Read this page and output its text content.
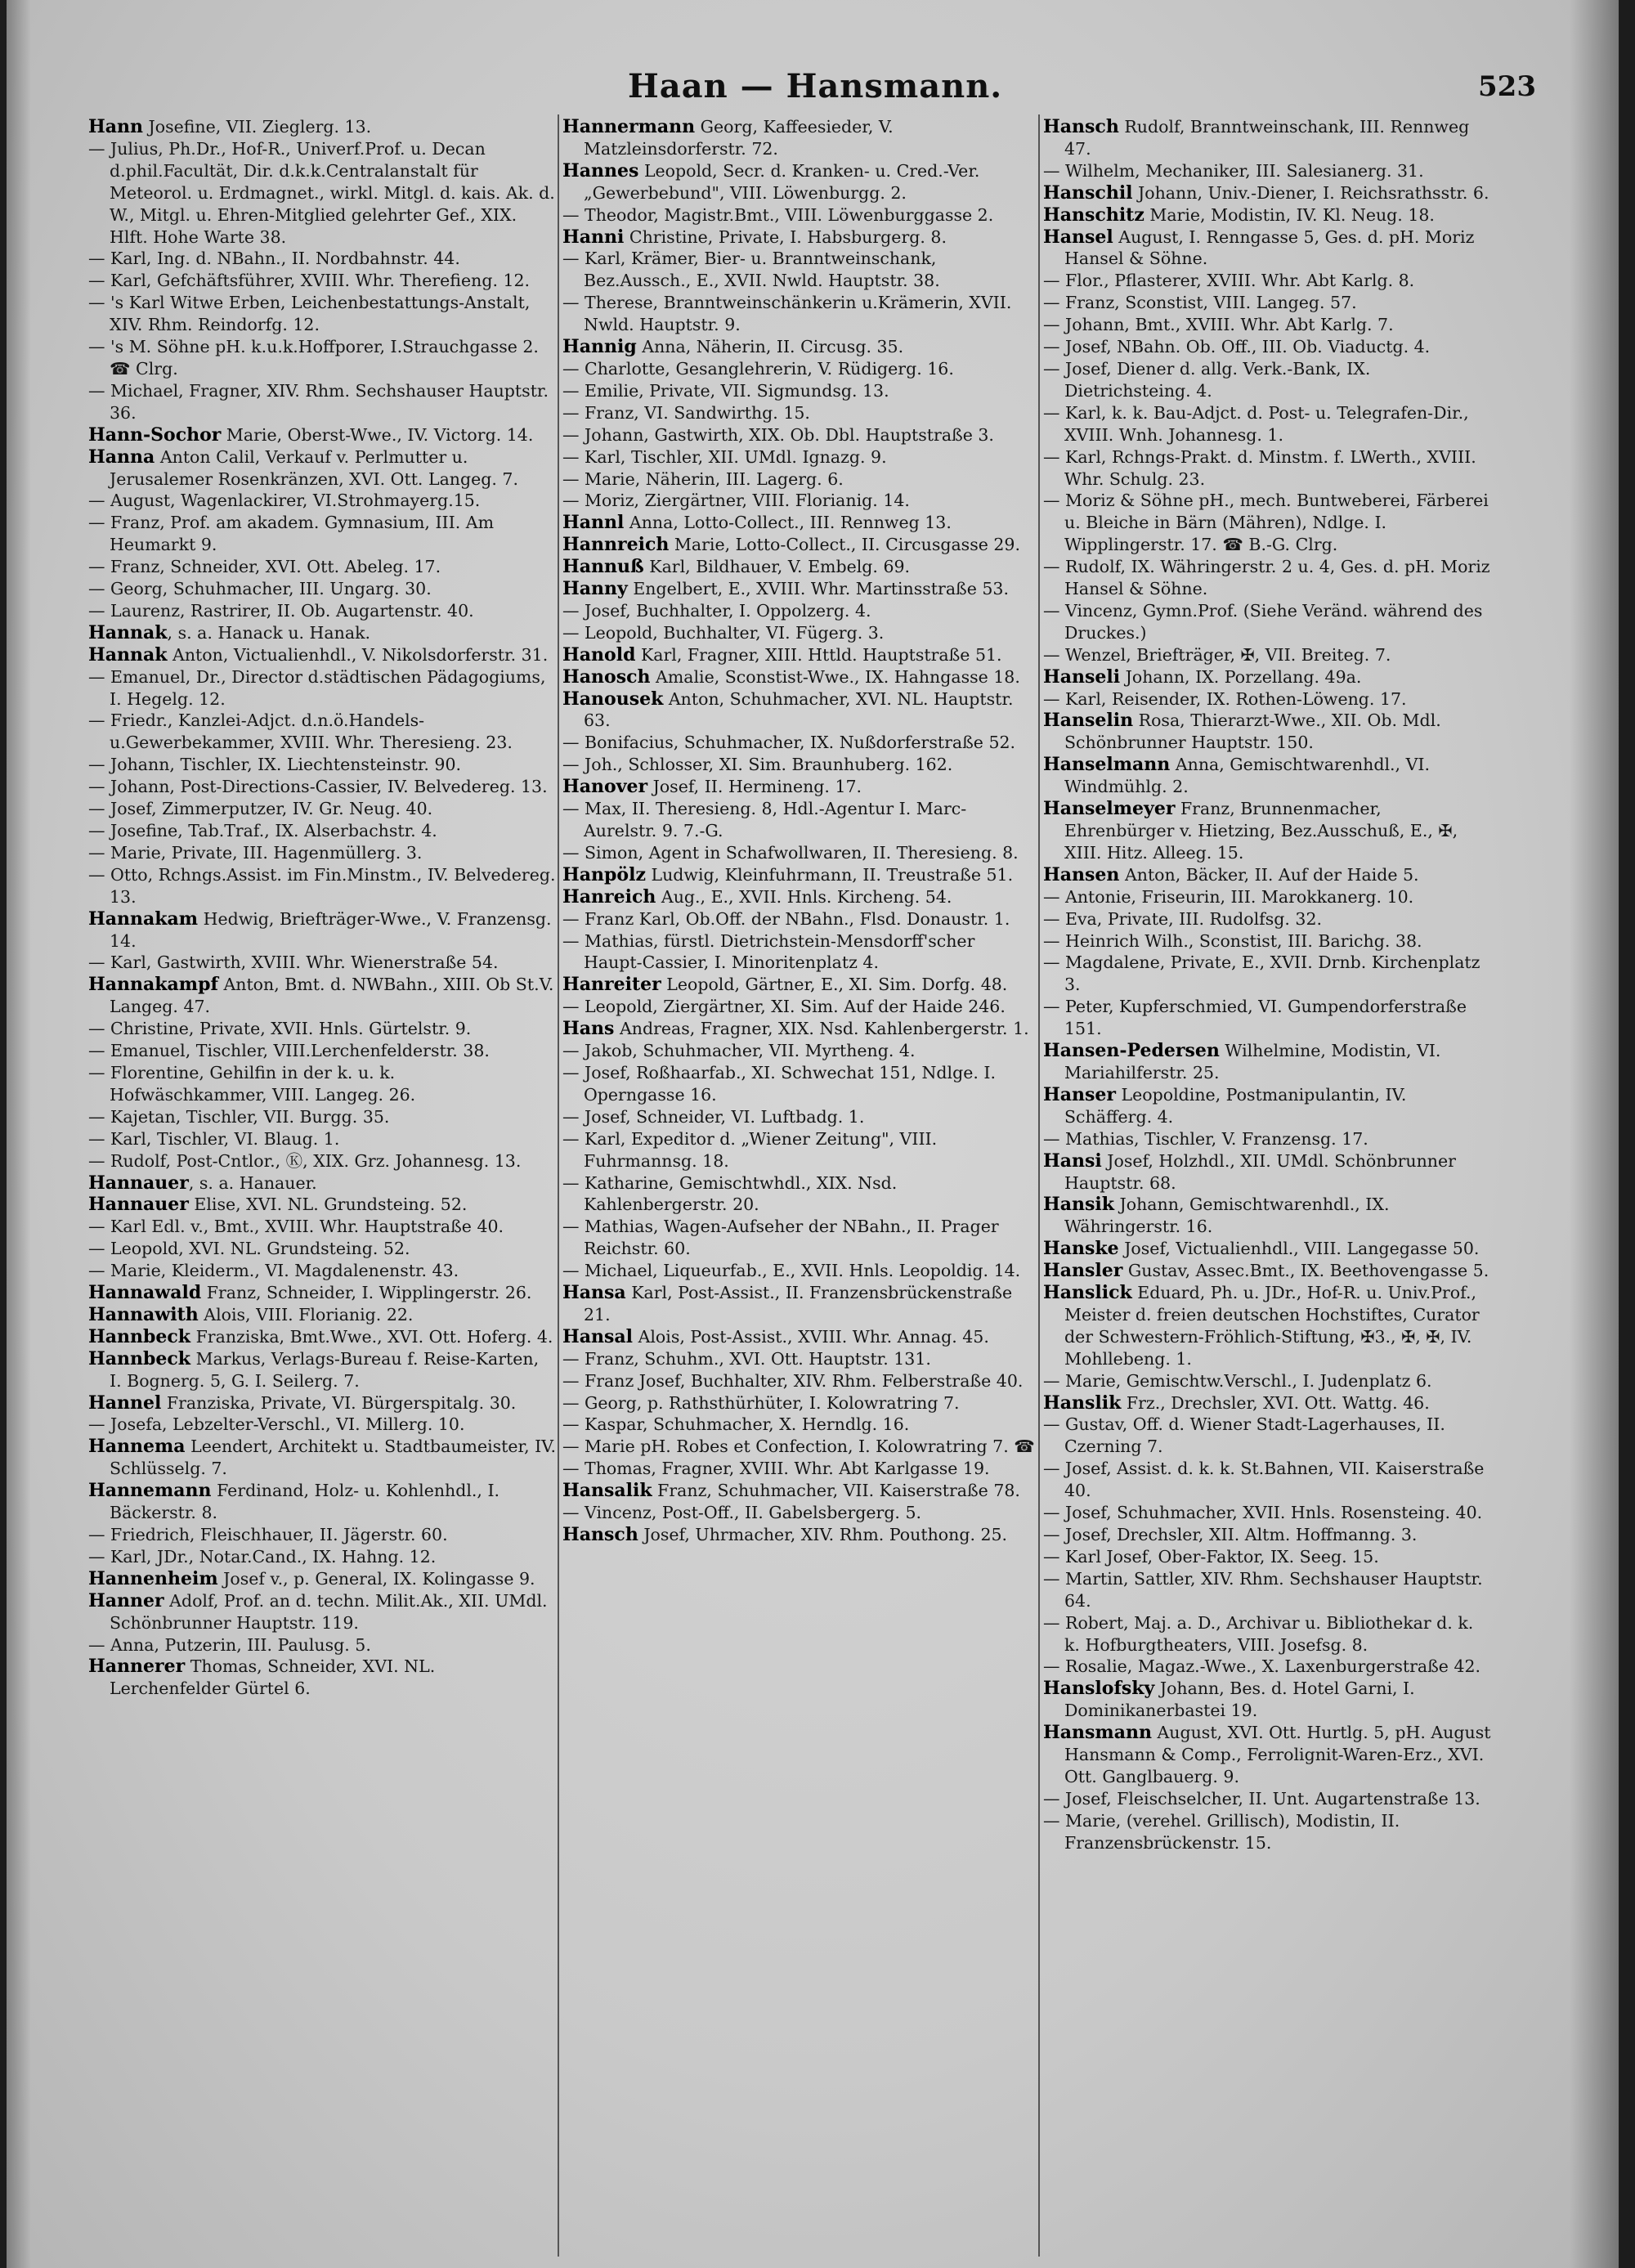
Haan — Hansmann.	523
Hann Josefine, VII. Zieglerg. 13.
— Julius, Ph.Dr., Hof-R., Univerf.Prof. u. Decan d.phil.Facultät, Dir. d.k.k.Centralanstalt für Meteorol. u. Erdmagnet., wirkl. Mitgl. d. kais. Ak. d. W., Mitgl. u. Ehren-Mitglied gelehrter Gef., XIX. Hlft. Hohe Warte 38.
— Karl, Ing. d. NBahn., II. Nordbahnstr. 44.
— Karl, Gefchäftsführer, XVIII. Whr. Therefieng. 12.
— 's Karl Witwe Erben, Leichenbestattungs-Anstalt, XIV. Rhm. Reindorfg. 12.
— 's M. Söhne pH. k.u.k.Hoffporer, I.Strauchgasse 2. ☎ Clrg.
— Michael, Fragner, XIV. Rhm. Sechshauser Hauptstr. 36.
Hann-Sochor Marie, Oberst-Wwe., IV. Victorg. 14.
Hanna Anton Calil, Verkauf v. Perlmutter u. Jerusalemer Rosenkränzen, XVI. Ott. Langeg. 7.
— August, Wagenlackirer, VI.Strohmayerg.15.
— Franz, Prof. am akadem. Gymnasium, III. Am Heumarkt 9.
— Franz, Schneider, XVI. Ott. Abeleg. 17.
— Georg, Schuhmacher, III. Ungarg. 30.
— Laurenz, Rastrirer, II. Ob. Augartenstr. 40.
Hannak, s. a. Hanack u. Hanak.
Hannak Anton, Victualienhdl., V. Nikolsdorferstr. 31.
— Emanuel, Dr., Director d.städtischen Pädagogiums, I. Hegelg. 12.
— Friedr., Kanzlei-Adjct. d.n.ö.Handels-u.Gewerbekammer, XVIII. Whr. Theresieng. 23.
— Johann, Tischler, IX. Liechtensteinstr. 90.
— Johann, Post-Directions-Cassier, IV. Belvedereg. 13.
— Josef, Zimmerputzer, IV. Gr. Neug. 40.
— Josefine, Tab.Traf., IX. Alserbachstr. 4.
— Marie, Private, III. Hagenmüllerg. 3.
— Otto, Rchngs.Assist. im Fin.Minstm., IV. Belvedereg. 13.
Hannakam Hedwig, Briefträger-Wwe., V. Franzensg. 14.
— Karl, Gastwirth, XVIII. Whr. Wienerstraße 54.
Hannakampf Anton, Bmt. d. NWBahn., XIII. Ob St.V. Langeg. 47.
— Christine, Private, XVII. Hnls. Gürtelstr. 9.
— Emanuel, Tischler, VIII.Lerchenfelderstr. 38.
— Florentine, Gehilfin in der k. u. k. Hofwäschkammer, VIII. Langeg. 26.
— Kajetan, Tischler, VII. Burgg. 35.
— Karl, Tischler, VI. Blaug. 1.
— Rudolf, Post-Cntlor., Ⓚ, XIX. Grz. Johannesg. 13.
Hannauer, s. a. Hanauer.
Hannauer Elise, XVI. NL. Grundsteing. 52.
— Karl Edl. v., Bmt., XVIII. Whr. Hauptstraße 40.
— Leopold, XVI. NL. Grundsteing. 52.
— Marie, Kleiderm., VI. Magdalenenstr. 43.
Hannawald Franz, Schneider, I. Wipplingerstr. 26.
Hannawith Alois, VIII. Florianig. 22.
Hannbeck Franziska, Bmt.Wwe., XVI. Ott. Hoferg. 4.
Hannbeck Markus, Verlags-Bureau f. Reise-Karten, I. Bognerg. 5, G. I. Seilerg. 7.
Hannel Franziska, Private, VI. Bürgerspitalg. 30.
— Josefa, Lebzelter-Verschl., VI. Millerg. 10.
Hannema Leendert, Architekt u. Stadtbaumeister, IV. Schlüsselg. 7.
Hannemann Ferdinand, Holz- u. Kohlenhdl., I. Bäckerstr. 8.
— Friedrich, Fleischhauer, II. Jägerstr. 60.
— Karl, JDr., Notar.Cand., IX. Hahng. 12.
Hannenheim Josef v., p. General, IX. Kolingasse 9.
Hanner Adolf, Prof. an d. techn. Milit.Ak., XII. UMdl. Schönbrunner Hauptstr. 119.
— Anna, Putzerin, III. Paulusg. 5.
Hannerer Thomas, Schneider, XVI. NL. Lerchenfelder Gürtel 6.
Hannermann Georg, Kaffeesieder, V. Matzleinsdorferstr. 72.
Hannes Leopold, Secr. d. Kranken- u. Cred.-Ver. „Gewerbebund", VIII. Löwenburgg. 2.
— Theodor, Magistr.Bmt., VIII. Löwenburggasse 2.
Hanni Christine, Private, I. Habsburgerg. 8.
— Karl, Krämer, Bier- u. Branntweinschank, Bez.Aussch., E., XVII. Nwld. Hauptstr. 38.
— Therese, Branntweinschänkerin u.Krämerin, XVII. Nwld. Hauptstr. 9.
Hannig Anna, Näherin, II. Circusg. 35.
— Charlotte, Gesanglehrerin, V. Rüdigerg. 16.
— Emilie, Private, VII. Sigmundsg. 13.
— Franz, VI. Sandwirthg. 15.
— Johann, Gastwirth, XIX. Ob. Dbl. Hauptstraße 3.
— Karl, Tischler, XII. UMdl. Ignazg. 9.
— Marie, Näherin, III. Lagerg. 6.
— Moriz, Ziergärtner, VIII. Florianig. 14.
Hannl Anna, Lotto-Collect., III. Rennweg 13.
Hannreich Marie, Lotto-Collect., II. Circusgasse 29.
Hannuß Karl, Bildhauer, V. Embelg. 69.
Hanny Engelbert, E., XVIII. Whr. Martinsstraße 53.
— Josef, Buchhalter, I. Oppolzerg. 4.
— Leopold, Buchhalter, VI. Fügerg. 3.
Hanold Karl, Fragner, XIII. Httld. Hauptstraße 51.
Hanosch Amalie, Sconstist-Wwe., IX. Hahngasse 18.
Hanousek Anton, Schuhmacher, XVI. NL. Hauptstr. 63.
— Bonifacius, Schuhmacher, IX. Nußdorferstraße 52.
— Joh., Schlosser, XI. Sim. Braunhuberg. 162.
Hanover Josef, II. Hermineng. 17.
— Max, II. Theresieng. 8, Hdl.-Agentur I. Marc-Aurelstr. 9. 7.-G.
— Simon, Agent in Schafwollwaren, II. Theresieng. 8.
Hanpölz Ludwig, Kleinfuhrmann, II. Treustraße 51.
Hanreich Aug., E., XVII. Hnls. Kircheng. 54.
— Franz Karl, Ob.Off. der NBahn., Flsd. Donaustr. 1.
— Mathias, fürstl. Dietrichstein-Mensdorff'scher Haupt-Cassier, I. Minoritenplatz 4.
Hanreiter Leopold, Gärtner, E., XI. Sim. Dorfg. 48.
— Leopold, Ziergärtner, XI. Sim. Auf der Haide 246.
Hans Andreas, Fragner, XIX. Nsd. Kahlenbergerstr. 1.
— Jakob, Schuhmacher, VII. Myrtheng. 4.
— Josef, Roßhaarfab., XI. Schwechat 151, Ndlge. I. Operngasse 16.
— Josef, Schneider, VI. Luftbadg. 1.
— Karl, Expeditor d. „Wiener Zeitung", VIII. Fuhrmannsg. 18.
— Katharine, Gemischtwhdl., XIX. Nsd. Kahlenbergerstr. 20.
— Mathias, Wagen-Aufseher der NBahn., II. Prager Reichstr. 60.
— Michael, Liqueurfab., E., XVII. Hnls. Leopoldig. 14.
Hansa Karl, Post-Assist., II. Franzensbrückenstraße 21.
Hansal Alois, Post-Assist., XVIII. Whr. Annag. 45.
— Franz, Schuhm., XVI. Ott. Hauptstr. 131.
— Franz Josef, Buchhalter, XIV. Rhm. Felberstraße 40.
— Georg, p. Rathsthürhüter, I. Kolowratring 7.
— Kaspar, Schuhmacher, X. Herndlg. 16.
— Marie pH. Robes et Confection, I. Kolowratring 7. ☎
— Thomas, Fragner, XVIII. Whr. Abt Karlgasse 19.
Hansalik Franz, Schuhmacher, VII. Kaiserstraße 78.
— Vincenz, Post-Off., II. Gabelsbergerg. 5.
Hansch Josef, Uhrmacher, XIV. Rhm. Pouthong. 25.
Hansch Rudolf, Branntweinschank, III. Rennweg 47.
— Wilhelm, Mechaniker, III. Salesianerg. 31.
Hanschil Johann, Univ.-Diener, I. Reichsrathsstr. 6.
Hanschitz Marie, Modistin, IV. Kl. Neug. 18.
Hansel August, I. Renngasse 5, Ges. d. pH. Moriz Hansel & Söhne.
— Flor., Pflasterer, XVIII. Whr. Abt Karlg. 8.
— Franz, Sconstist, VIII. Langeg. 57.
— Johann, Bmt., XVIII. Whr. Abt Karlg. 7.
— Josef, NBahn. Ob. Off., III. Ob. Viaductg. 4.
— Josef, Diener d. allg. Verk.-Bank, IX. Dietrichsteing. 4.
— Karl, k. k. Bau-Adjct. d. Post- u. Telegrafen-Dir., XVIII. Wnh. Johannesg. 1.
— Karl, Rchngs-Prakt. d. Minstm. f. LWerth., XVIII. Whr. Schulg. 23.
— Moriz & Söhne pH., mech. Buntweberei, Färberei u. Bleiche in Bärn (Mähren), Ndlge. I. Wipplingerstr. 17. ☎ B.-G. Clrg.
— Rudolf, IX. Währingerstr. 2 u. 4, Ges. d. pH. Moriz Hansel & Söhne.
— Vincenz, Gymn.Prof. (Siehe Veränd. während des Druckes.)
— Wenzel, Briefträger, ✠, VII. Breiteg. 7.
Hanseli Johann, IX. Porzellang. 49a.
— Karl, Reisender, IX. Rothen-Löweng. 17.
Hanselin Rosa, Thierarzt-Wwe., XII. Ob. Mdl. Schönbrunner Hauptstr. 150.
Hanselmann Anna, Gemischtwarenhdl., VI. Windmühlg. 2.
Hanselmeyer Franz, Brunnenmacher, Ehrenbürger v. Hietzing, Bez.Ausschuß, E., ✠, XIII. Hitz. Alleeg. 15.
Hansen Anton, Bäcker, II. Auf der Haide 5.
— Antonie, Friseurin, III. Marokkanerg. 10.
— Eva, Private, III. Rudolfsg. 32.
— Heinrich Wilh., Sconstist, III. Barichg. 38.
— Magdalene, Private, E., XVII. Drnb. Kirchenplatz 3.
— Peter, Kupferschmied, VI. Gumpendorferstraße 151.
Hansen-Pedersen Wilhelmine, Modistin, VI. Mariahilferstr. 25.
Hanser Leopoldine, Postmanipulantin, IV. Schäfferg. 4.
— Mathias, Tischler, V. Franzensg. 17.
Hansi Josef, Holzhdl., XII. UMdl. Schönbrunner Hauptstr. 68.
Hansik Johann, Gemischtwarenhdl., IX. Währingerstr. 16.
Hanske Josef, Victualienhdl., VIII. Langegasse 50.
Hansler Gustav, Assec.Bmt., IX. Beethovengasse 5.
Hanslick Eduard, Ph. u. JDr., Hof-R. u. Univ.Prof., Meister d. freien deutschen Hochstiftes, Curator der Schwestern-Fröhlich-Stiftung, ✠3., ✠, ✠, IV. Mohllebeng. 1.
— Marie, Gemischtw.Verschl., I. Judenplatz 6.
Hanslik Frz., Drechsler, XVI. Ott. Wattg. 46.
— Gustav, Off. d. Wiener Stadt-Lagerhauses, II. Czerning 7.
— Josef, Assist. d. k. k. St.Bahnen, VII. Kaiserstraße 40.
— Josef, Schuhmacher, XVII. Hnls. Rosensteing. 40.
— Josef, Drechsler, XII. Altm. Hoffmanng. 3.
— Karl Josef, Ober-Faktor, IX. Seeg. 15.
— Martin, Sattler, XIV. Rhm. Sechshauser Hauptstr. 64.
— Robert, Maj. a. D., Archivar u. Bibliothekar d. k. k. Hofburgtheaters, VIII. Josefsg. 8.
— Rosalie, Magaz.-Wwe., X. Laxenburgerstraße 42.
Hanslofsky Johann, Bes. d. Hotel Garni, I. Dominikanerbastei 19.
Hansmann August, XVI. Ott. Hurtlg. 5, pH. August Hansmann & Comp., Ferrolignit-Waren-Erz., XVI. Ott. Ganglbauerg. 9.
— Josef, Fleischselcher, II. Unt. Augartenstraße 13.
— Marie, (verehel. Grillisch), Modistin, II. Franzensbrückenstr. 15.
